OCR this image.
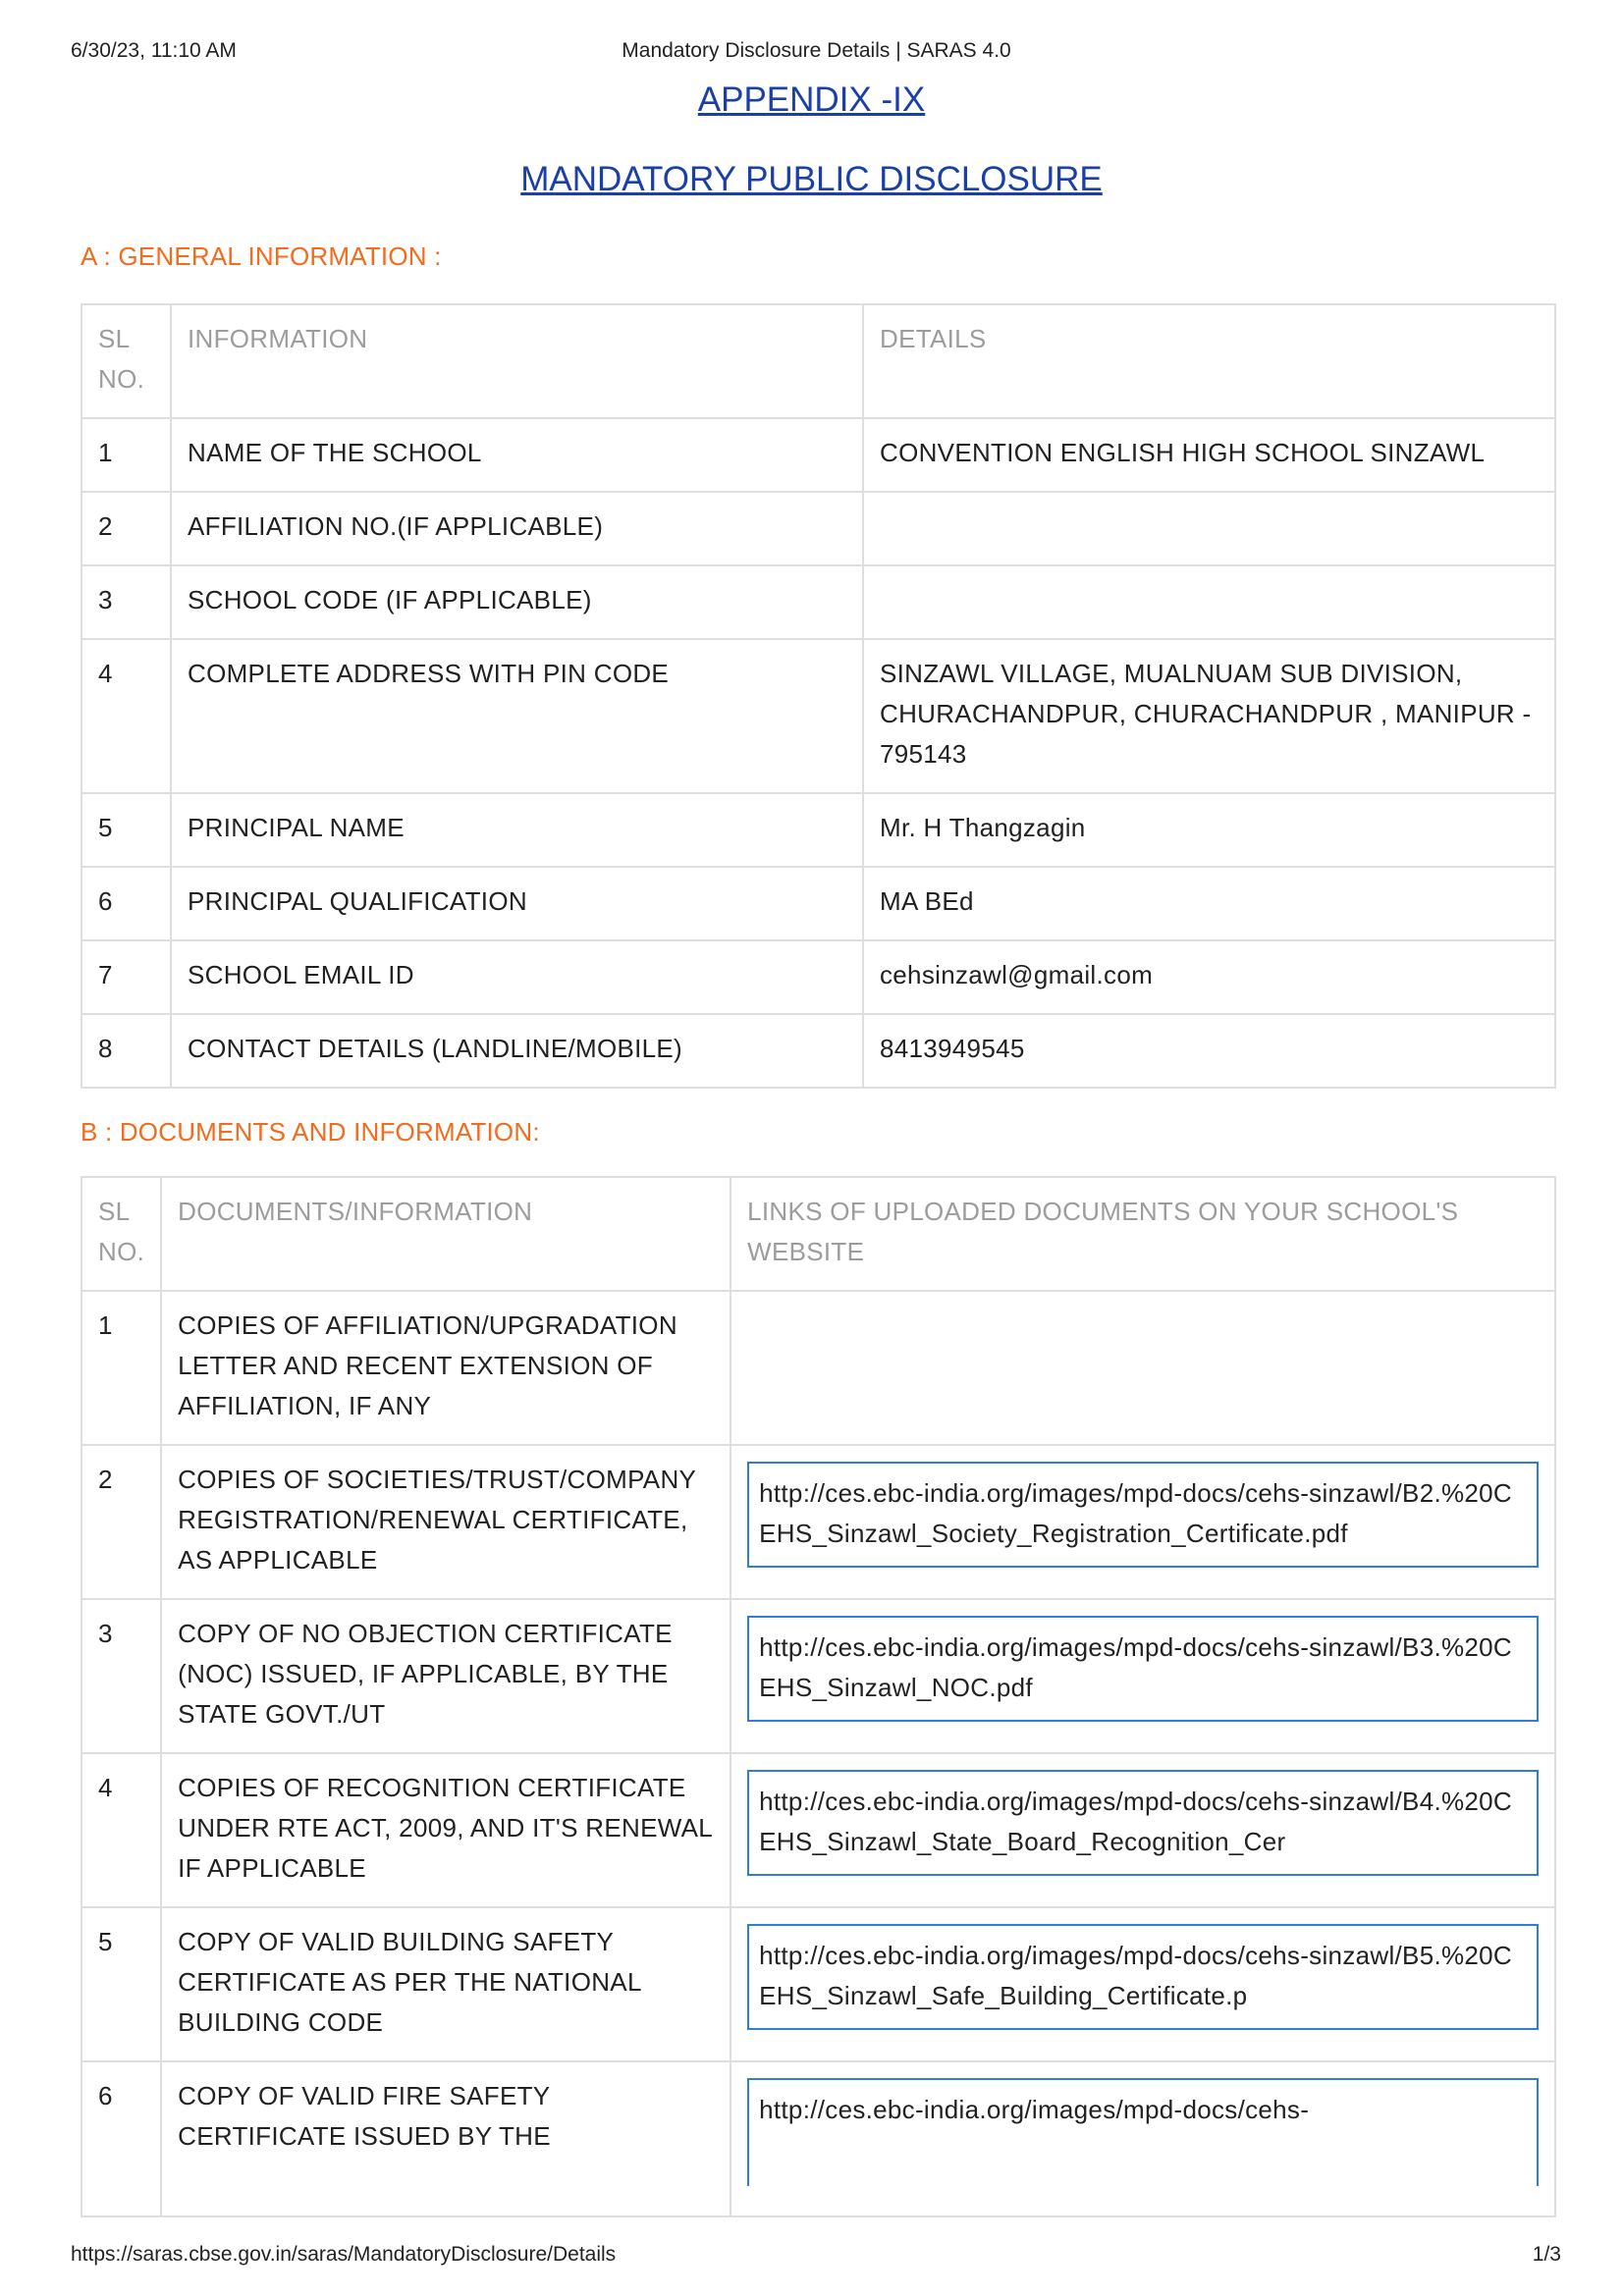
6/30/23, 11:10 AM	Mandatory Disclosure Details | SARAS 4.0
APPENDIX -IX
MANDATORY PUBLIC DISCLOSURE
A : GENERAL INFORMATION :
SL NO.	INFORMATION	DETAILS
1	NAME OF THE SCHOOL	CONVENTION ENGLISH HIGH SCHOOL SINZAWL
2	AFFILIATION NO.(IF APPLICABLE)	
3	SCHOOL CODE (IF APPLICABLE)	
4	COMPLETE ADDRESS WITH PIN CODE	SINZAWL VILLAGE, MUALNUAM SUB DIVISION, CHURACHANDPUR, CHURACHANDPUR , MANIPUR - 795143
5	PRINCIPAL NAME	Mr. H Thangzagin
6	PRINCIPAL QUALIFICATION	MA BEd
7	SCHOOL EMAIL ID	cehsinzawl@gmail.com
8	CONTACT DETAILS (LANDLINE/MOBILE)	8413949545
B : DOCUMENTS AND INFORMATION:
SL NO.	DOCUMENTS/INFORMATION	LINKS OF UPLOADED DOCUMENTS ON YOUR SCHOOL'S WEBSITE
1	COPIES OF AFFILIATION/UPGRADATION LETTER AND RECENT EXTENSION OF AFFILIATION, IF ANY	
2	COPIES OF SOCIETIES/TRUST/COMPANY REGISTRATION/RENEWAL CERTIFICATE, AS APPLICABLE	http://ces.ebc-india.org/images/mpd-docs/cehs-sinzawl/B2.%20CEHS_Sinzawl_Society_Registration_Certificate.pdf

3	COPY OF NO OBJECTION CERTIFICATE (NOC) ISSUED, IF APPLICABLE, BY THE STATE GOVT./UT	http://ces.ebc-india.org/images/mpd-docs/cehs-sinzawl/B3.%20CEHS_Sinzawl_NOC.pdf

4	COPIES OF RECOGNITION CERTIFICATE UNDER RTE ACT, 2009, AND IT'S RENEWAL IF APPLICABLE	http://ces.ebc-india.org/images/mpd-docs/cehs-sinzawl/B4.%20CEHS_Sinzawl_State_Board_Recognition_Cer

5	COPY OF VALID BUILDING SAFETY CERTIFICATE AS PER THE NATIONAL BUILDING CODE	http://ces.ebc-india.org/images/mpd-docs/cehs-sinzawl/B5.%20CEHS_Sinzawl_Safe_Building_Certificate.p

6	COPY OF VALID FIRE SAFETY CERTIFICATE ISSUED BY THE	http://ces.ebc-india.org/images/mpd-docs/cehs-
https://saras.cbse.gov.in/saras/MandatoryDisclosure/Details	1/3
